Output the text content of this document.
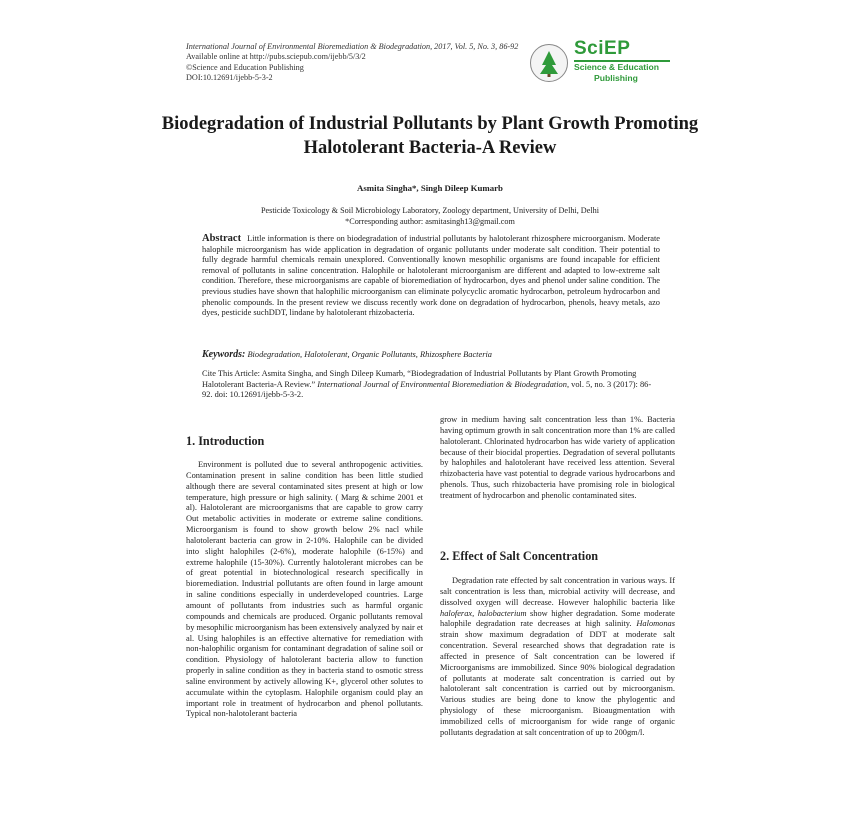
International Journal of Environmental Bioremediation & Biodegradation, 2017, Vol. 5, No. 3, 86-92
Available online at http://pubs.sciepub.com/ijebb/5/3/2
©Science and Education Publishing
DOI:10.12691/ijebb-5-3-2
SciEP
Science & Education
Publishing
Biodegradation of Industrial Pollutants by Plant Growth Promoting Halotolerant Bacteria-A Review
Asmita Singha*, Singh Dileep Kumarb
Pesticide Toxicology & Soil Microbiology Laboratory, Zoology department, University of Delhi, Delhi
*Corresponding author: asmitasingh13@gmail.com
Abstract Little information is there on biodegradation of industrial pollutants by halotolerant rhizosphere microorganism. Moderate halophile microorganism has wide application in degradation of organic pollutants under moderate salt condition. Their potential to fully degrade harmful chemicals remain unexplored. Conventionally known mesophilic organisms are found incapable for efficient removal of pollutants in saline concentration. Halophile or halotolerant microorganism are different and adapted to low-extreme salt condition. Therefore, these microorganisms are capable of bioremediation of hydrocarbon, dyes and phenol under saline condition. The previous studies have shown that halophilic microorganism can eliminate polycyclic aromatic hydrocarbon, petroleum hydrocarbon and phenolic compounds. In the present review we discuss recently work done on degradation of hydrocarbon, phenols, heavy metals, azo dyes, pesticide suchDDT, lindane by halotolerant rhizobacteria.
Keywords: Biodegradation, Halotolerant, Organic Pollutants, Rhizosphere Bacteria
Cite This Article: Asmita Singha, and Singh Dileep Kumarb, “Biodegradation of Industrial Pollutants by Plant Growth Promoting Halotolerant Bacteria-A Review.” International Journal of Environmental Bioremediation & Biodegradation, vol. 5, no. 3 (2017): 86-92. doi: 10.12691/ijebb-5-3-2.
1. Introduction

Environment is polluted due to several anthropogenic activities. Contamination present in saline condition has been little studied although there are several contaminated sites present at high or low temperature, high pressure or high salinity. ( Marg & schime 2001 et al). Halotolerant are microorganisms that are capable to grow carry Out metabolic activities in moderate or extreme saline conditions. Microorganism is found to show growth below 2% nacl while halotolerant bacteria can grow in 2-10%. Halophile can be divided into slight halophiles (2-6%), moderate halophile (6-15%) and extreme halophile (15-30%). Currently halotolerant microbes can be of great potential in biotechnological research specifically in bioremediation. Industrial pollutants are often found in large amount in saline conditions especially in underdeveloped countries. Large amount of pollutants from industries such as harmful organic compounds and chemicals are produced. Organic pollutants removal by mesophilic microorganism has been extensively analyzed by nair et al. Using halophiles is an effective alternative for remediation with non-halophilic organism for contaminant degradation of saline soil or condition. Physiology of halotolerant bacteria allow to function properly in saline condition as they in bacteria stand to osmotic stress saline environment by actively allowing K+, glycerol other solutes to accumulate within the cytoplasm. Halophile organism could play an important role in treatment of hydrocarbon and phenol pollutants. Typical non-halotolerant bacteria

grow in medium having salt concentration less than 1%. Bacteria having optimum growth in salt concentration more than 1% are called halotolerant. Chlorinated hydrocarbon has wide variety of application because of their biocidal properties. Degradation of several pollutants by halophiles and halotolerant have received less attention. Several rhizobacteria have vast potential to degrade various hydrocarbons and phenols. Thus, such rhizobacteria have promising role in biological treatment of hydrocarbon and phenolic contaminated sites.

2. Effect of Salt Concentration

Degradation rate effected by salt concentration in various ways. If salt concentration is less than, microbial activity will decrease, and dissolved oxygen will decrease. However halophilic bacteria like haloferax, halobacterium show higher degradation. Some moderate halophile degradation rate decreases at high salinity. Halomonas strain show maximum degradation of DDT at moderate salt concentration. Several researched shows that degradation rate is affected in presence of Salt concentration can be lowered if Microorganisms are immobilized. Since 90% biological degradation of pollutants at moderate salt concentration is carried out by halotolerant salt concentration is carried out by microorganism. Various studies are being done to know the phylogentic and physiology of these microorganism. Bioaugmentation with immobilized cells of microorganism for wide range of organic pollutants degradation at salt concentration of up to 200gm/l.
